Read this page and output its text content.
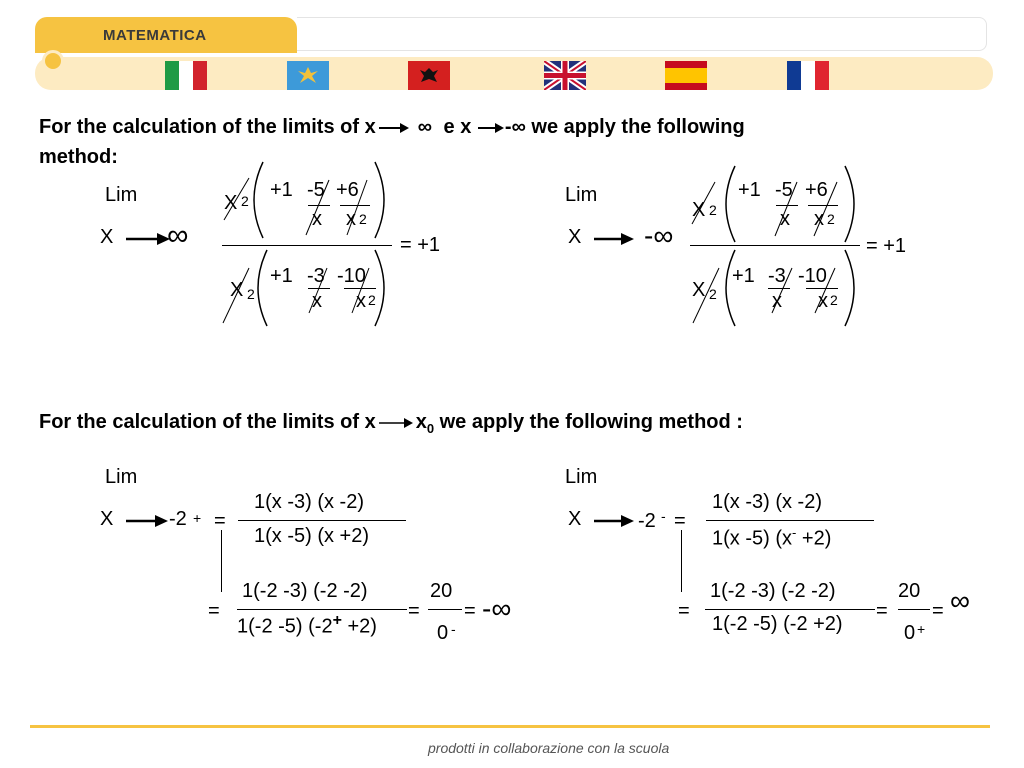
MATEMATICA
For the calculation of the limits of x ∞ e x -∞ we apply the following
method:
Lim
X ∞
X 2 +1 -5 +6
x x 2
= +1
X 2
+1 -3 -10
x x 2
Lim
X -∞
X 2
+1 -5 +6
x x 2
= +1
X 2
+1 -3 -10
x x 2
For the calculation of the limits of x $x_0$ we apply the following method :
Lim
X	-2 + =
1(x -3) (x -2)
1(x -5) (x +2)
=
1(-2 -3) (-2 -2)
1(-2 -5) (-2+ +2)
=
20
0 -
= -∞
Lim
X	-2 - =
1(x -3) (x -2)
1(x -5) (x- +2)
=
1(-2 -3) (-2 -2)
1(-2 -5) (-2 +2)
=
20
0 +
= ∞
prodotti in collaborazione con la scuola
